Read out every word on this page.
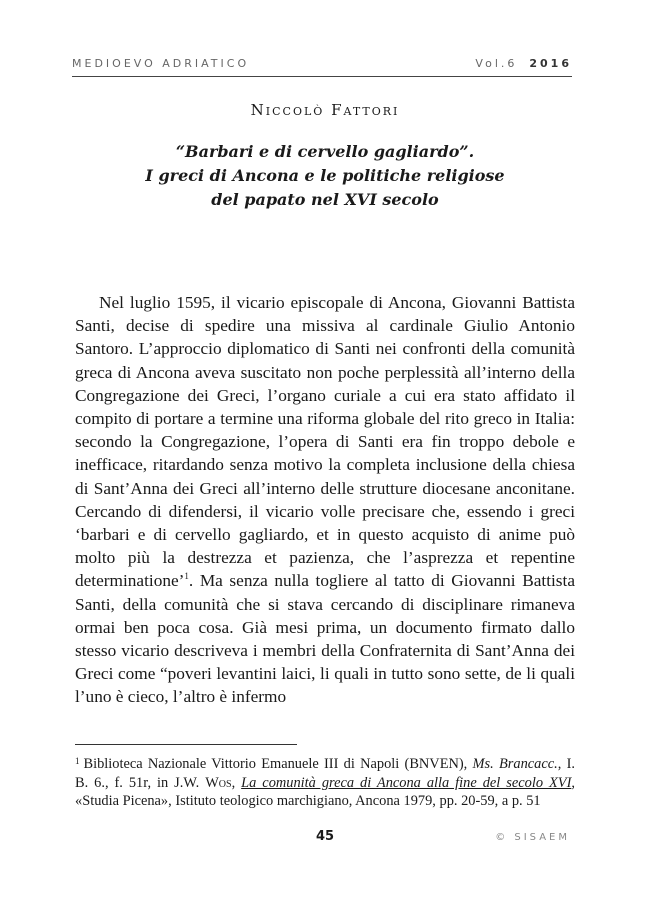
MEDIOEVO ADRIATICO	Vol.6 2016
Niccolò Fattori
“Barbari e di cervello gagliardo”.
I greci di Ancona e le politiche religiose
del papato nel XVI secolo

Nel luglio 1595, il vicario episcopale di Ancona, Giovanni Battista Santi, decise di spedire una missiva al cardinale Giulio Antonio Santoro. L’approccio diplomatico di Santi nei confronti della comunità greca di Ancona aveva suscitato non poche perplessità all’interno della Congregazione dei Greci, l’organo curiale a cui era stato affidato il compito di portare a termine una riforma globale del rito greco in Italia: secondo la Congregazione, l’opera di Santi era fin troppo debole e inefficace, ritardando senza motivo la completa inclusione della chiesa di Sant’Anna dei Greci all’interno delle strutture diocesane anconitane. Cercando di difendersi, il vicario volle precisare che, essendo i greci ‘barbari e di cervello gagliardo, et in questo acquisto di anime può molto più la destrezza et pazienza, che l’asprezza et repentine determinatione’$^1$. Ma senza nulla togliere al tatto di Giovanni Battista Santi, della comunità che si stava cercando di disciplinare rimaneva ormai ben poca cosa. Già mesi prima, un documento firmato dallo stesso vicario descriveva i membri della Confraternita di Sant’Anna dei Greci come “poveri levantini laici, li quali in tutto sono sette, de li quali l’uno è cieco, l’altro è infermo

$^1$ Biblioteca Nazionale Vittorio Emanuele III di Napoli (BNVEN), Ms. Brancacc., I. B. 6., f. 51r, in J.W. Wos, La comunità greca di Ancona alla fine del secolo XVI, «Studia Picena», Istituto teologico marchigiano, Ancona 1979, pp. 20-59, a p. 51

45	© SISAEM
